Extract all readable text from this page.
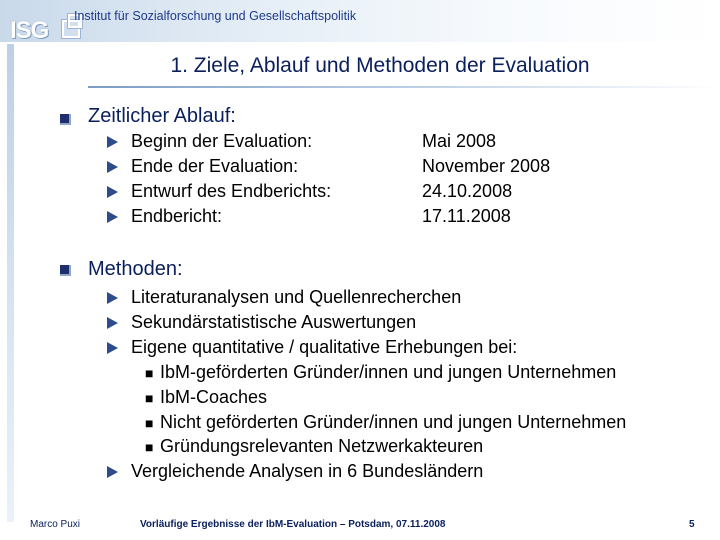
ISG
Institut für Sozialforschung und Gesellschaftspolitik
1. Ziele, Ablauf und Methoden der Evaluation
Zeitlicher Ablauf:
Beginn der Evaluation:	Mai 2008
Ende der Evaluation:	November 2008
Entwurf des Endberichts:	24.10.2008
Endbericht:	17.11.2008
Methoden:
Literaturanalysen und Quellenrecherchen
Sekundärstatistische Auswertungen
Eigene quantitative / qualitative Erhebungen bei:
■ IbM-geförderten Gründer/innen und jungen Unternehmen
■ IbM-Coaches
■ Nicht geförderten Gründer/innen und jungen Unternehmen
■ Gründungsrelevanten Netzwerkakteuren
Vergleichende Analysen in 6 Bundesländern
Marco Puxi	Vorläufige Ergebnisse der IbM-Evaluation – Potsdam, 07.11.2008	5
